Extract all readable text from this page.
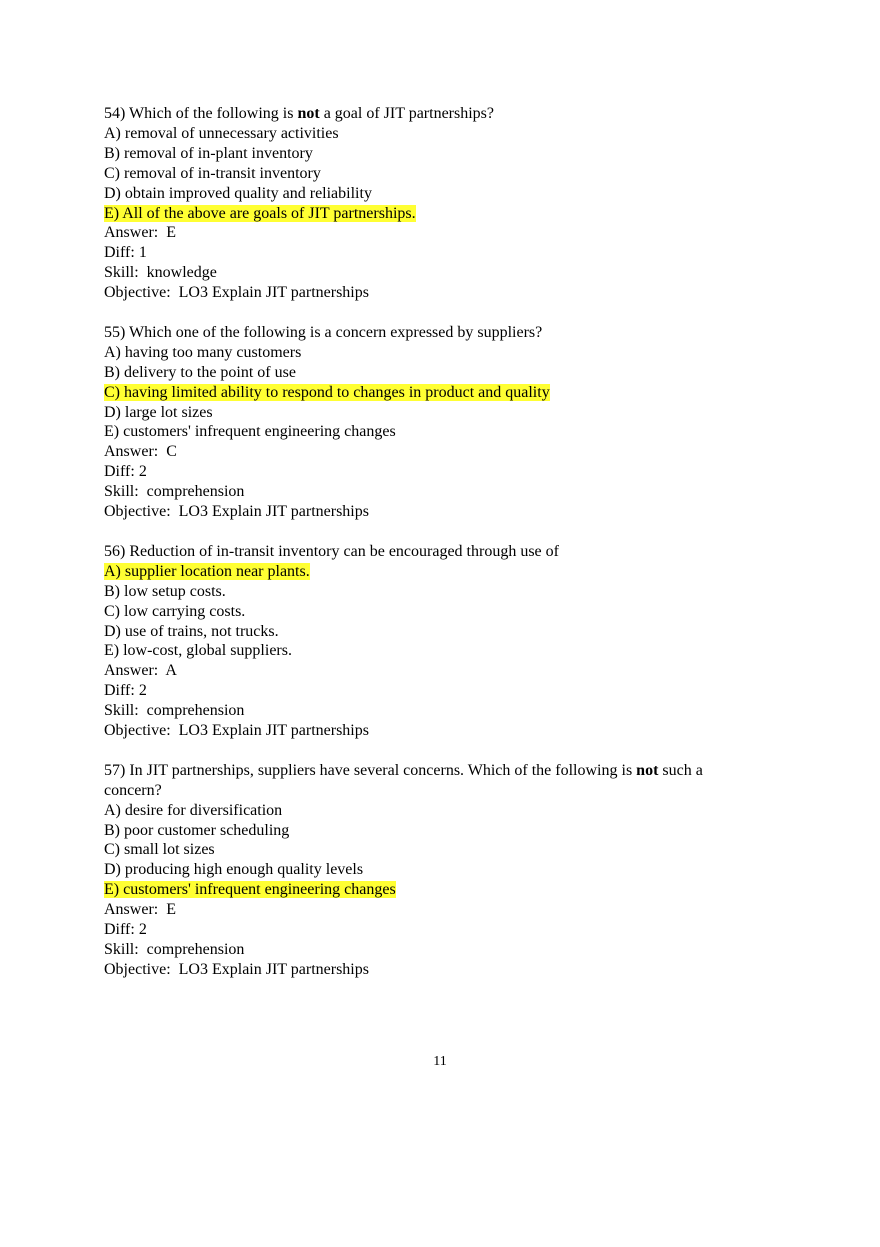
54) Which of the following is not a goal of JIT partnerships?
A) removal of unnecessary activities
B) removal of in-plant inventory
C) removal of in-transit inventory
D) obtain improved quality and reliability
E) All of the above are goals of JIT partnerships.
Answer:  E
Diff: 1
Skill:  knowledge
Objective:  LO3 Explain JIT partnerships
55) Which one of the following is a concern expressed by suppliers?
A) having too many customers
B) delivery to the point of use
C) having limited ability to respond to changes in product and quality
D) large lot sizes
E) customers' infrequent engineering changes
Answer:  C
Diff: 2
Skill:  comprehension
Objective:  LO3 Explain JIT partnerships
56) Reduction of in-transit inventory can be encouraged through use of
A) supplier location near plants.
B) low setup costs.
C) low carrying costs.
D) use of trains, not trucks.
E) low-cost, global suppliers.
Answer:  A
Diff: 2
Skill:  comprehension
Objective:  LO3 Explain JIT partnerships
57) In JIT partnerships, suppliers have several concerns. Which of the following is not such a concern?
A) desire for diversification
B) poor customer scheduling
C) small lot sizes
D) producing high enough quality levels
E) customers' infrequent engineering changes
Answer:  E
Diff: 2
Skill:  comprehension
Objective:  LO3 Explain JIT partnerships
11
